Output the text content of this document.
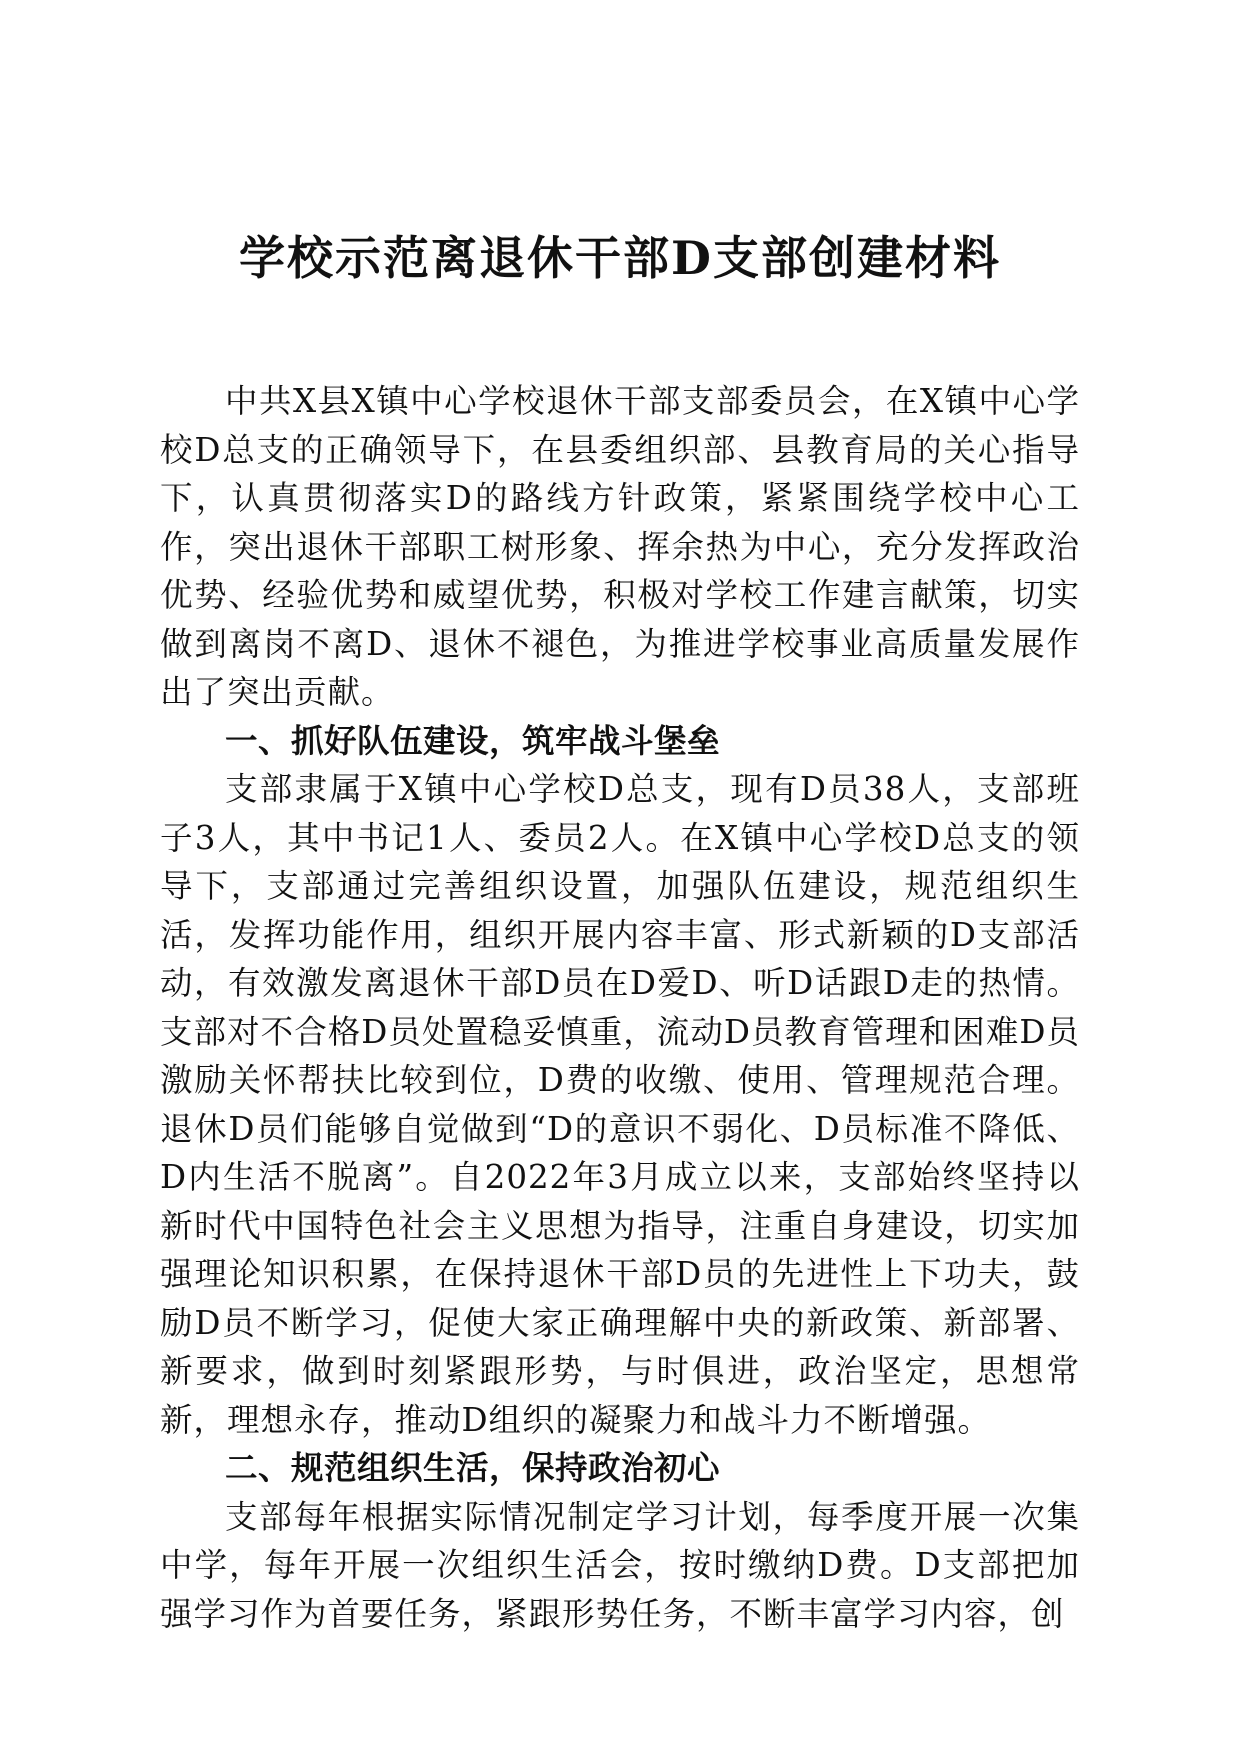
学校示范离退休干部D支部创建材料

中共X县X镇中心学校退休干部支部委员会，在X镇中心学校D总支的正确领导下，在县委组织部、县教育局的关心指导下，认真贯彻落实D的路线方针政策，紧紧围绕学校中心工作，突出退休干部职工树形象、挥余热为中心，充分发挥政治优势、经验优势和威望优势，积极对学校工作建言献策，切实做到离岗不离D、退休不褪色，为推进学校事业高质量发展作出了突出贡献。

一、抓好队伍建设，筑牢战斗堡垒

支部隶属于X镇中心学校D总支，现有D员38人，支部班子3人，其中书记1人、委员2人。在X镇中心学校D总支的领导下，支部通过完善组织设置，加强队伍建设，规范组织生活，发挥功能作用，组织开展内容丰富、形式新颖的D支部活动，有效激发离退休干部D员在D爱D、听D话跟D走的热情。支部对不合格D员处置稳妥慎重，流动D员教育管理和困难D员激励关怀帮扶比较到位，D费的收缴、使用、管理规范合理。退休D员们能够自觉做到“D的意识不弱化、D员标准不降低、D内生活不脱离”。自2022年3月成立以来，支部始终坚持以新时代中国特色社会主义思想为指导，注重自身建设，切实加强理论知识积累，在保持退休干部D员的先进性上下功夫，鼓励D员不断学习，促使大家正确理解中央的新政策、新部署、新要求，做到时刻紧跟形势，与时俱进，政治坚定，思想常新，理想永存，推动D组织的凝聚力和战斗力不断增强。

二、规范组织生活，保持政治初心

支部每年根据实际情况制定学习计划，每季度开展一次集中学，每年开展一次组织生活会，按时缴纳D费。D支部把加强学习作为首要任务，紧跟形势任务，不断丰富学习内容，创
